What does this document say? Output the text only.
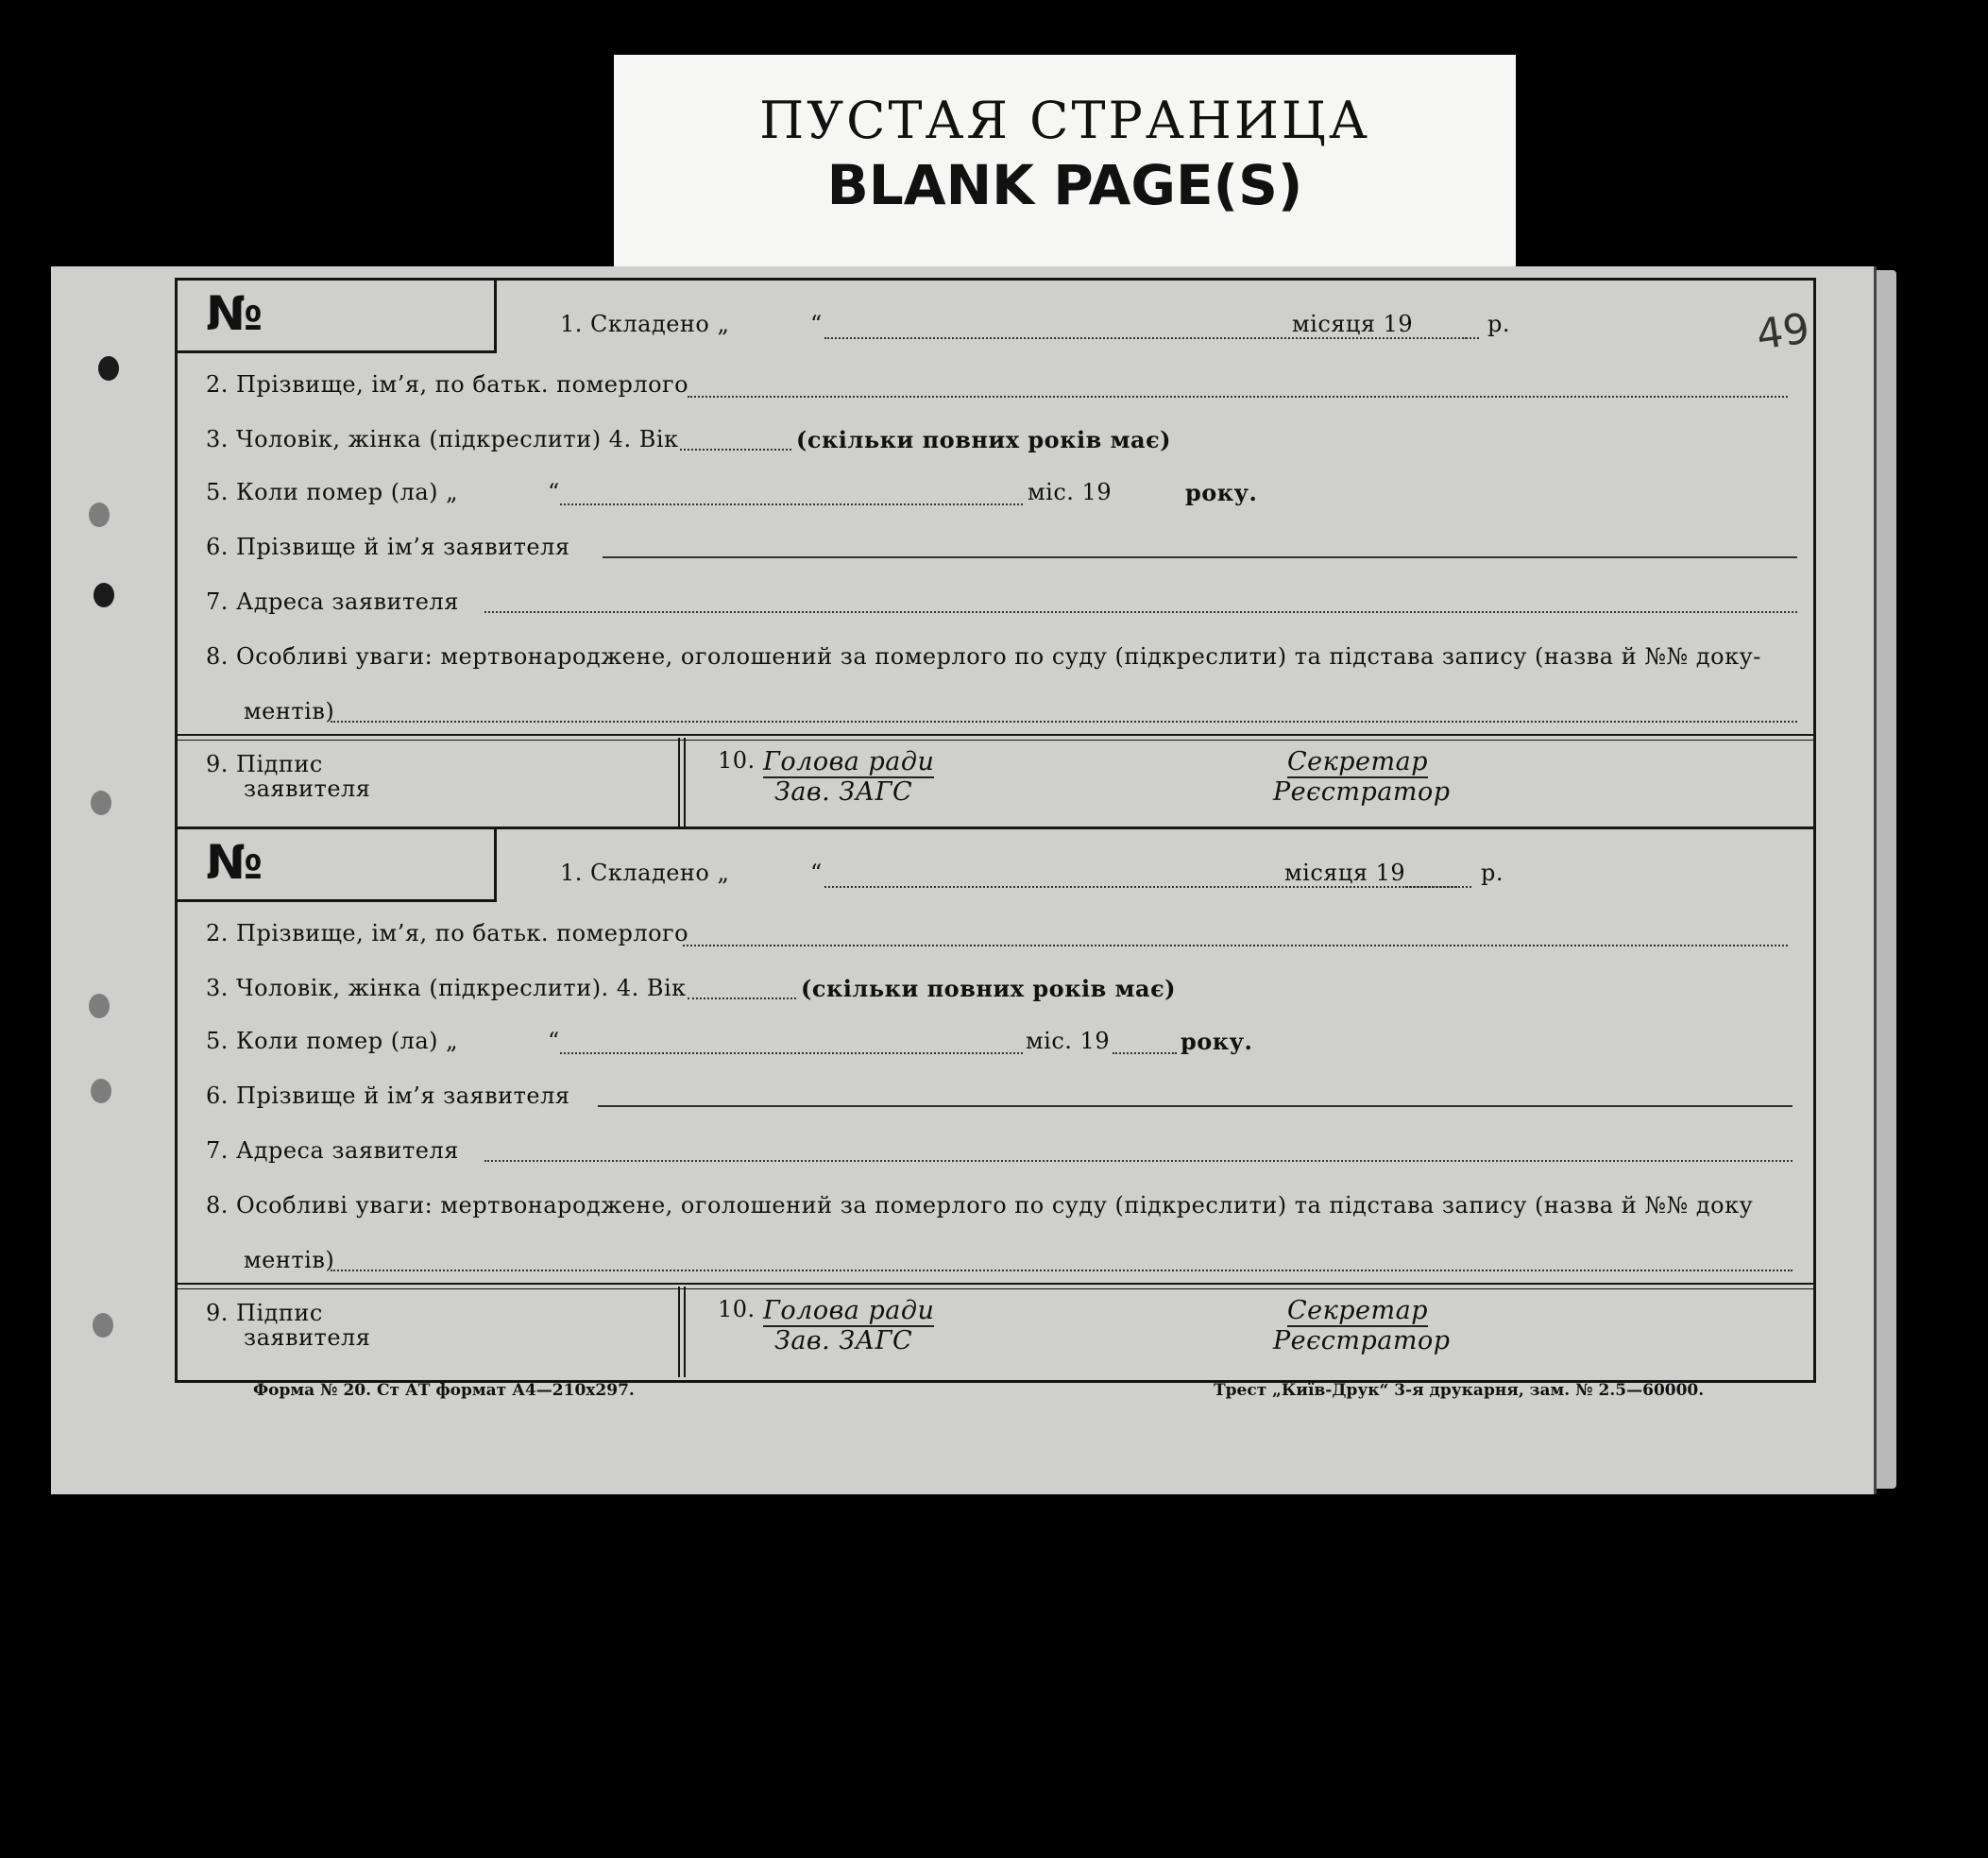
ПУСТАЯ СТРАНИЦА
BLANK PAGE(S)
49
№	1. Складено „	“	місяця 19	р.
2. Прізвище, ім’я, по батьк. померлого
3. Чоловік, жінка (підкреслити) 4. Вік	(скільки повних років має)
5. Коли помер (ла) „	“	міс. 19	року.
6. Прізвище й ім’я заявителя
7. Адреса заявителя
8. Особливі уваги: мертвонароджене, оголошений за померлого по суду (підкреслити) та підстава запису (назва й №№ доку-
ментів)
9. Підпис
заявителя
10. Голова ради
Зав. ЗАГС
Секретар
Реєстратор
№	1. Складено „	“	місяця 19	р.
2. Прізвище, ім’я, по батьк. померлого
3. Чоловік, жінка (підкреслити). 4. Вік	(скільки повних років має)
5. Коли помер (ла) „	“	міс. 19	року.
6. Прізвище й ім’я заявителя
7. Адреса заявителя
8. Особливі уваги: мертвонароджене, оголошений за померлого по суду (підкреслити) та підстава запису (назва й №№ доку
ментів)
9. Підпис
заявителя
10. Голова ради
Зав. ЗАГС
Секретар
Реєстратор
Форма № 20. Ст АТ формат А4—210х297.	Трест „Київ-Друк“ 3-я друкарня, зам. № 2.5—60000.
